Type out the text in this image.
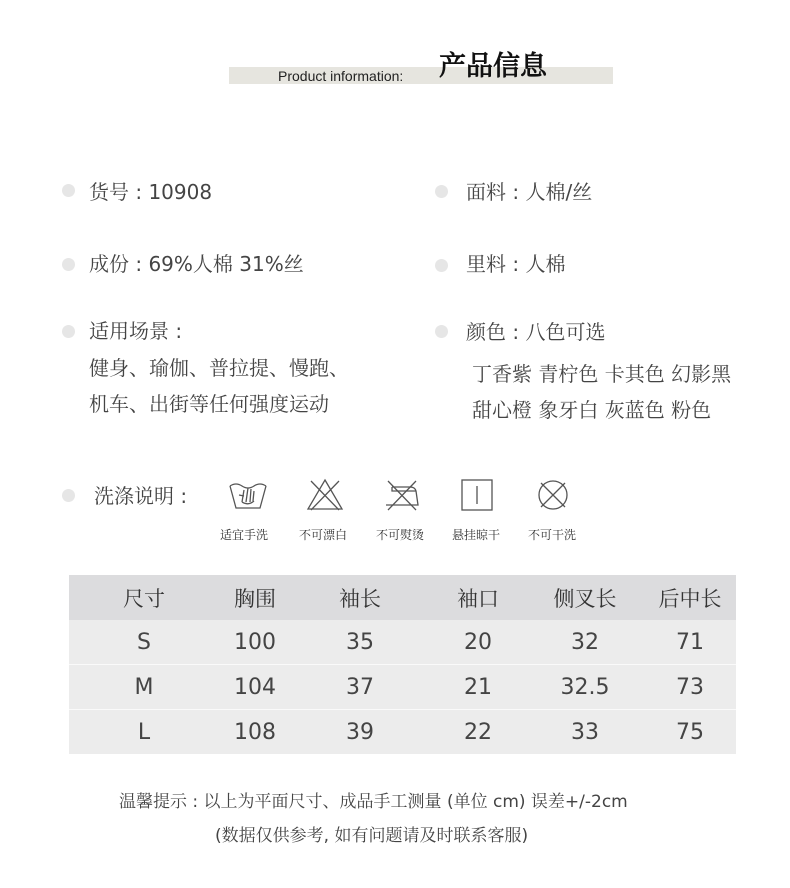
Product information: 产品信息
货号 : 10908	面料 : 人棉/丝
成份 : 69%人棉 31%丝	里料 : 人棉
适用场景 :
健身、瑜伽、普拉提、慢跑、
机车、出街等任何强度运动
颜色 : 八色可选
丁香紫 青柠色 卡其色 幻影黑
甜心橙 象牙白 灰蓝色 粉色
洗涤说明 :
适宜手洗	不可漂白 不可熨烫 悬挂晾干 不可干洗
尺寸	胸围	袖长	袖口	侧叉长	后中长
S	100	35	20	32	71
M	104	37	21	32.5	73
L	108	39	22	33	75
温馨提示 : 以上为平面尺寸、成品手工测量 (单位 cm) 误差+/-2cm
(数据仅供参考, 如有问题请及时联系客服)
